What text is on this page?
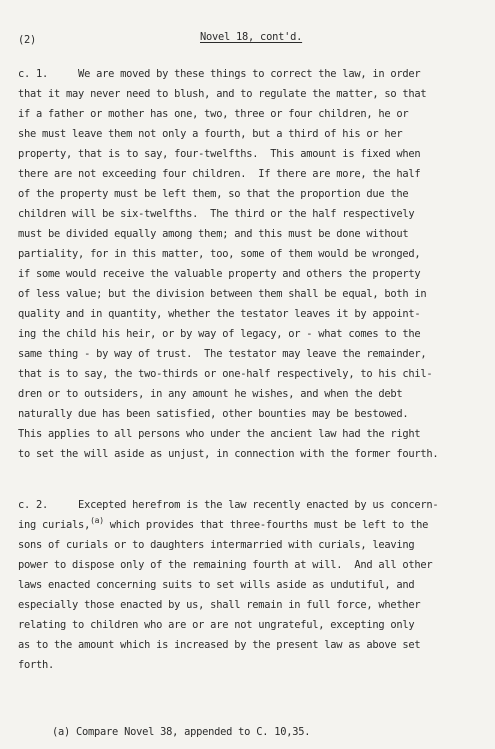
(2)	Novel 18, cont'd.
c. 1.     We are moved by these things to correct the law, in order
that it may never need to blush, and to regulate the matter, so that
if a father or mother has one, two, three or four children, he or
she must leave them not only a fourth, but a third of his or her
property, that is to say, four-twelfths.  This amount is fixed when
there are not exceeding four children.  If there are more, the half
of the property must be left them, so that the proportion due the
children will be six-twelfths.  The third or the half respectively
must be divided equally among them; and this must be done without
partiality, for in this matter, too, some of them would be wronged,
if some would receive the valuable property and others the property
of less value; but the division between them shall be equal, both in
quality and in quantity, whether the testator leaves it by appoint-
ing the child his heir, or by way of legacy, or - what comes to the
same thing - by way of trust.  The testator may leave the remainder,
that is to say, the two-thirds or one-half respectively, to his chil-
dren or to outsiders, in any amount he wishes, and when the debt
naturally due has been satisfied, other bounties may be bestowed.
This applies to all persons who under the ancient law had the right
to set the will aside as unjust, in connection with the former fourth.
c. 2.     Excepted herefrom is the law recently enacted by us concern-
ing curials,$^{(a)}$ which provides that three-fourths must be left to the
sons of curials or to daughters intermarried with curials, leaving
power to dispose only of the remaining fourth at will.  And all other
laws enacted concerning suits to set wills aside as undutiful, and
especially those enacted by us, shall remain in full force, whether
relating to children who are or are not ungrateful, excepting only
as to the amount which is increased by the present law as above set
forth.
(a) Compare Novel 38, appended to C. 10,35.
